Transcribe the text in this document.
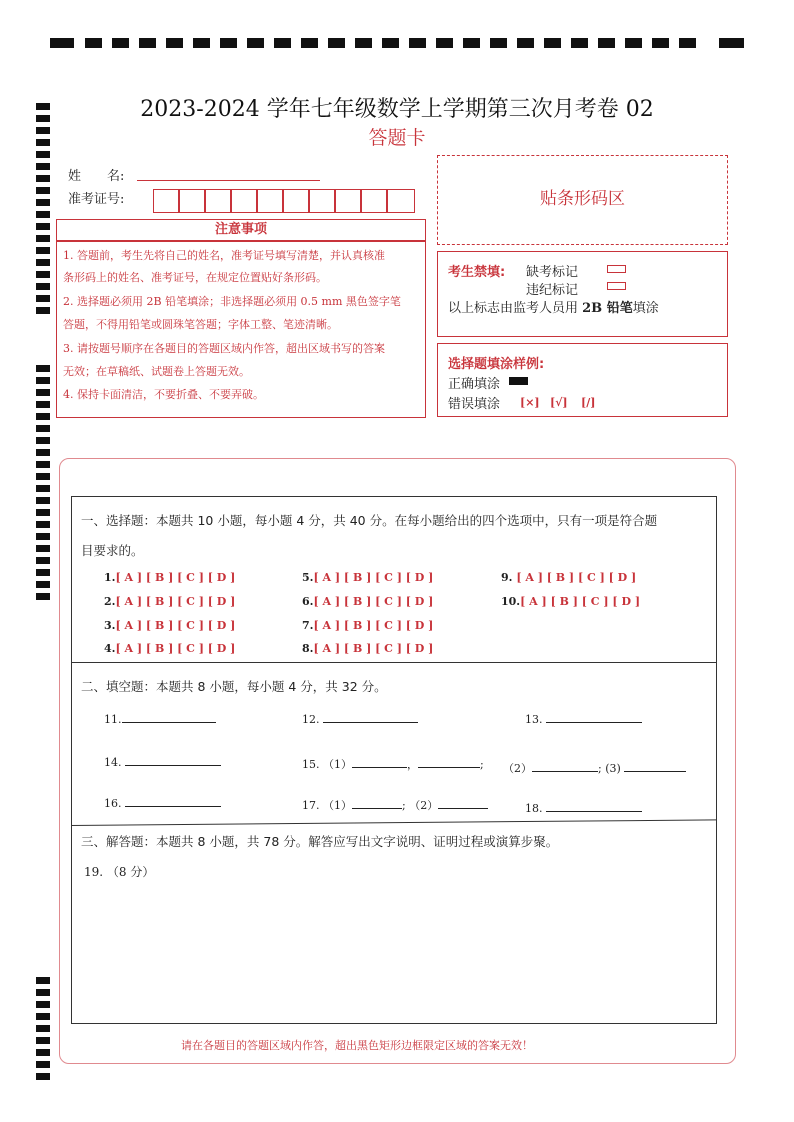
2023-2024 学年七年级数学上学期第三次月考卷 02
答题卡
姓　　名:
准考证号:
注意事项
1. 答题前，考生先将自己的姓名，准考证号填写清楚，并认真核准
条形码上的姓名、准考证号，在规定位置贴好条形码。
2. 选择题必须用 2B 铅笔填涂；非选择题必须用 0.5 mm 黑色签字笔
答题，不得用铅笔或圆珠笔答题；字体工整、笔迹清晰。
3. 请按题号顺序在各题目的答题区域内作答，超出区域书写的答案
无效；在草稿纸、试题卷上答题无效。
4. 保持卡面清洁，不要折叠、不要弄破。
贴条形码区
考生禁填: 缺考标记
违纪标记
以上标志由监考人员用 2B 铅笔填涂
选择题填涂样例:
正确填涂
错误填涂 [×] [√] [/]
一、选择题：本题共 10 小题，每小题 4 分，共 40 分。在每小题给出的四个选项中，只有一项是符合题
目要求的。
1.[ A ] [ B ] [ C ] [ D ]
2.[ A ] [ B ] [ C ] [ D ]
3.[ A ] [ B ] [ C ] [ D ]
4.[ A ] [ B ] [ C ] [ D ]
5.[ A ] [ B ] [ C ] [ D ]
6.[ A ] [ B ] [ C ] [ D ]
7.[ A ] [ B ] [ C ] [ D ]
8.[ A ] [ B ] [ C ] [ D ]
9. [ A ] [ B ] [ C ] [ D ]
10.[ A ] [ B ] [ C ] [ D ]
二、填空题：本题共 8 小题，每小题 4 分，共 32 分。
11.	12.	13.
14.	15. （1）	，	; （2）	; (3)
16.	17. （1）	; （2）	18.
三、解答题：本题共 8 小题，共 78 分。解答应写出文字说明、证明过程或演算步聚。
19. （8 分）
请在各题目的答题区域内作答，超出黑色矩形边框限定区域的答案无效！
